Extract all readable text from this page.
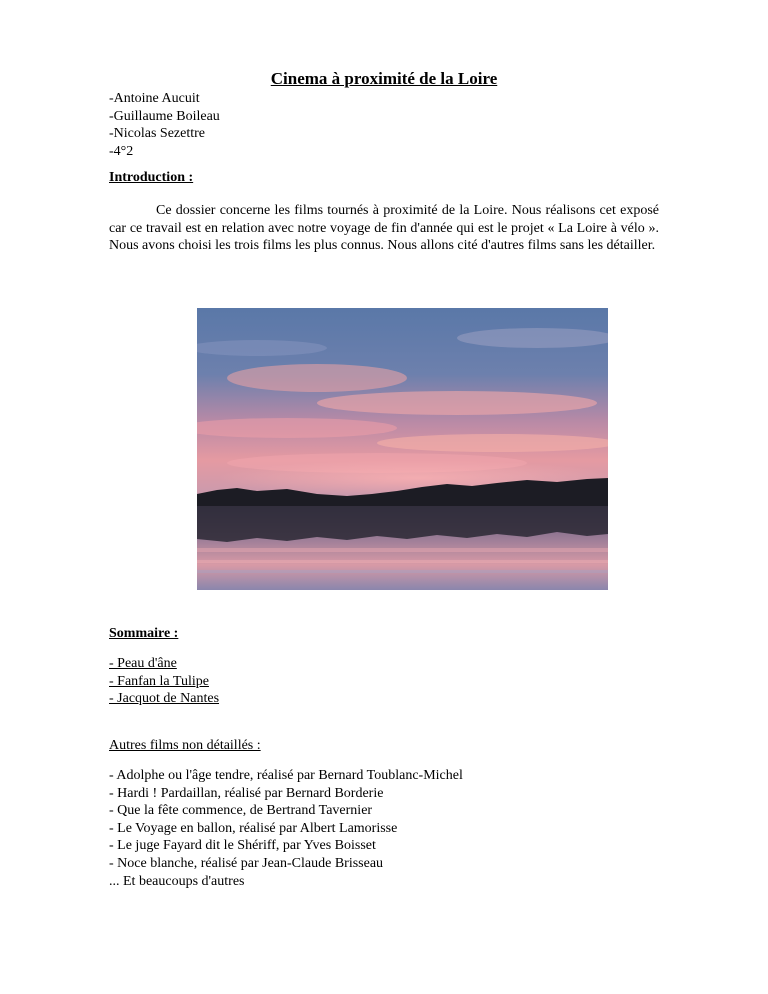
Cinema à proximité de la Loire
-Antoine Aucuit
-Guillaume Boileau
-Nicolas Sezettre
-4°2
Introduction :

Ce dossier concerne les films tournés à proximité de la Loire. Nous réalisons cet exposé car ce travail est en relation avec notre voyage de fin d'année qui est le projet « La Loire à vélo ». Nous avons choisi les trois films les plus connus. Nous allons cité d'autres films sans les détailler.

Sommaire :
- Peau d'âne
- Fanfan la Tulipe
- Jacquot de Nantes
Autres films non détaillés :
- Adolphe ou l'âge tendre, réalisé par Bernard Toublanc-Michel
- Hardi ! Pardaillan, réalisé par Bernard Borderie
- Que la fête commence, de Bertrand Tavernier
- Le Voyage en ballon, réalisé par Albert Lamorisse
- Le juge Fayard dit le Shériff, par Yves Boisset
- Noce blanche, réalisé par Jean-Claude Brisseau
... Et beaucoups d'autres
